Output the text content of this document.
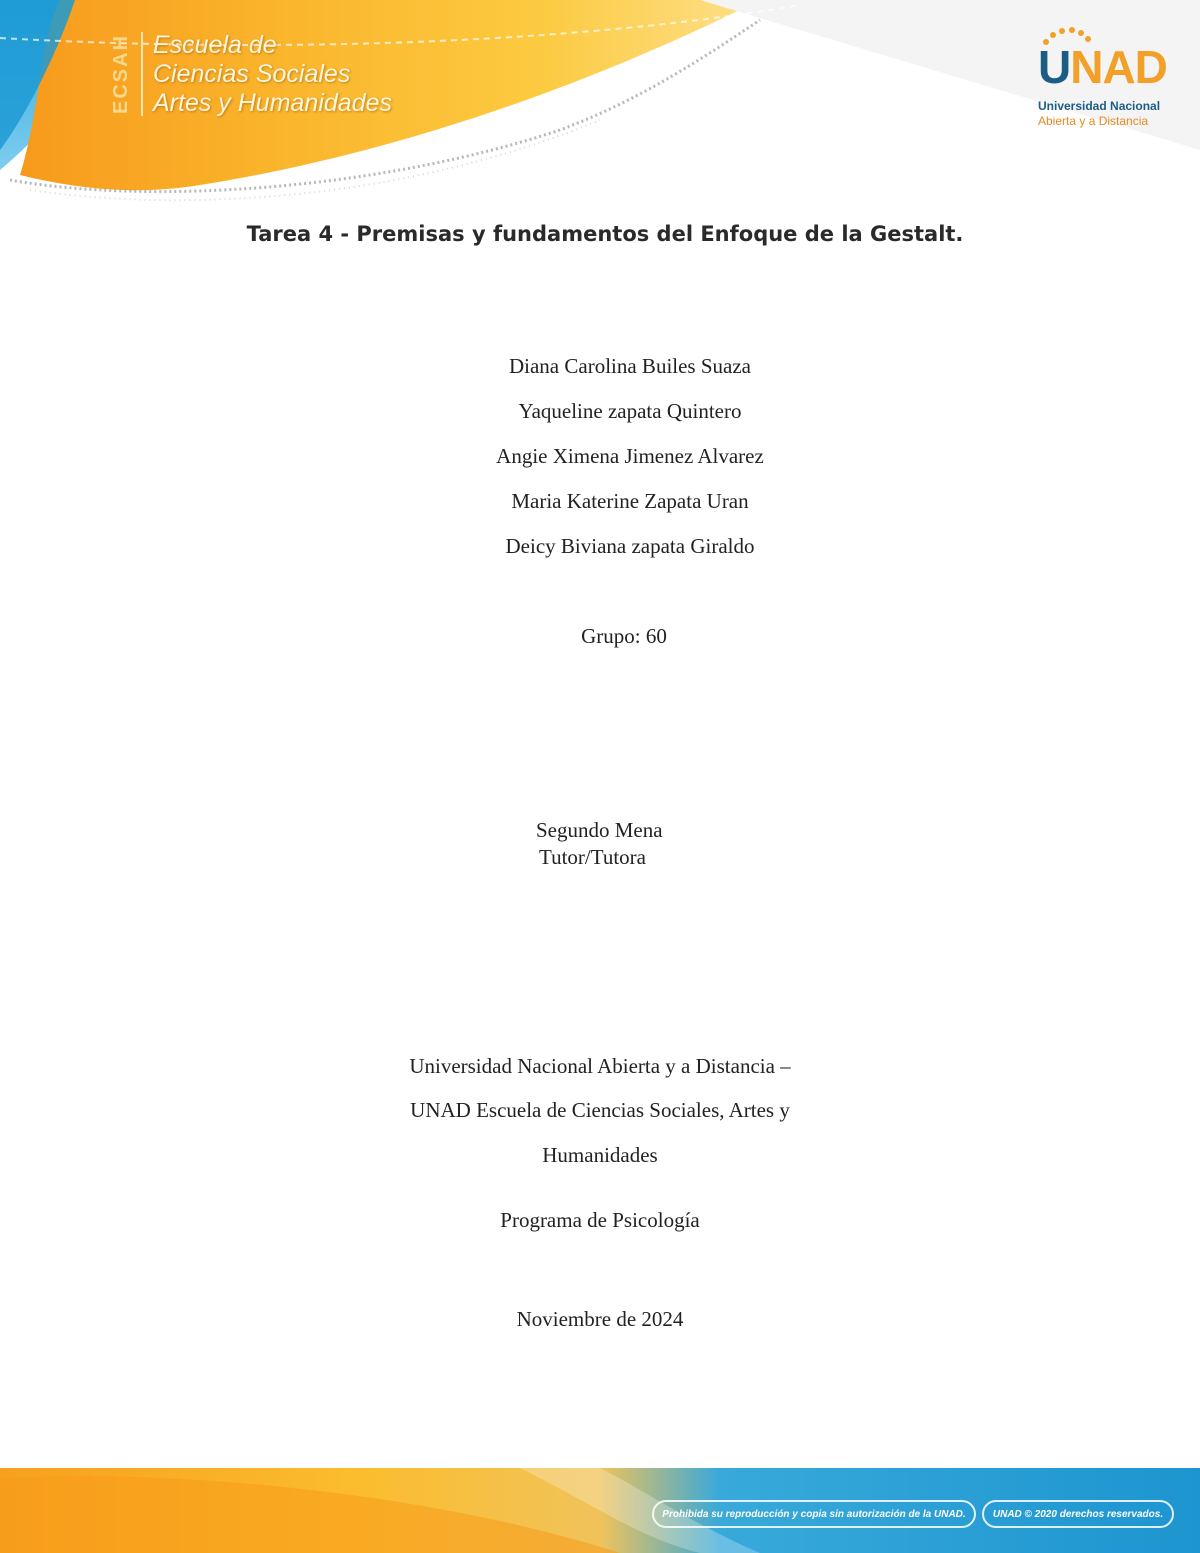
ECSAH Escuela de
Ciencias Sociales
Artes y Humanidades
UNAD
Universidad Nacional
Abierta y a Distancia
Tarea 4 - Premisas y fundamentos del Enfoque de la Gestalt.
Diana Carolina Builes Suaza
Yaqueline zapata Quintero
Angie Ximena Jimenez Alvarez
Maria Katerine Zapata Uran
Deicy Biviana zapata Giraldo
Grupo: 60
Segundo Mena
Tutor/Tutora
Universidad Nacional Abierta y a Distancia –
UNAD Escuela de Ciencias Sociales, Artes y
Humanidades
Programa de Psicología
Noviembre de 2024
Prohibida su reproducción y copia sin autorización de la UNAD.	UNAD © 2020 derechos reservados.
